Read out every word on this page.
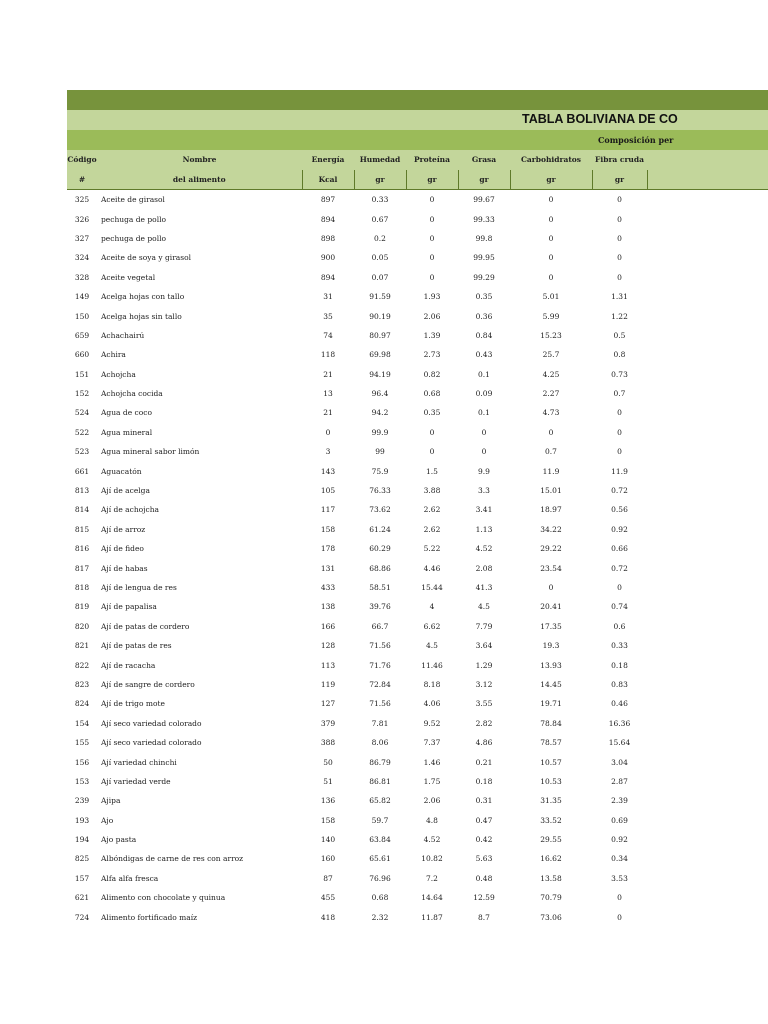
TABLA BOLIVIANA DE CO
Composición per
Código	Nombre	Energía	Humedad	Proteína	Grasa	Carbohidratos	Fibra cruda	
#	del alimento	Kcal	gr	gr	gr	gr	gr	
325	Aceite de girasol	897	0.33	0	99.67	0	0	
326	pechuga de pollo	894	0.67	0	99.33	0	0	
327	pechuga de pollo	898	0.2	0	99.8	0	0	
324	Aceite de soya y girasol	900	0.05	0	99.95	0	0	
328	Aceite vegetal	894	0.07	0	99.29	0	0	
149	Acelga hojas con tallo	31	91.59	1.93	0.35	5.01	1.31	
150	Acelga hojas sin tallo	35	90.19	2.06	0.36	5.99	1.22	
659	Achachairú	74	80.97	1.39	0.84	15.23	0.5	
660	Achira	118	69.98	2.73	0.43	25.7	0.8	
151	Achojcha	21	94.19	0.82	0.1	4.25	0.73	
152	Achojcha cocida	13	96.4	0.68	0.09	2.27	0.7	
524	Agua de coco	21	94.2	0.35	0.1	4.73	0	
522	Agua mineral	0	99.9	0	0	0	0	
523	Agua mineral sabor limón	3	99	0	0	0.7	0	
661	Aguacatón	143	75.9	1.5	9.9	11.9	11.9	
813	Ají de acelga	105	76.33	3.88	3.3	15.01	0.72	
814	Ají de achojcha	117	73.62	2.62	3.41	18.97	0.56	
815	Ají de arroz	158	61.24	2.62	1.13	34.22	0.92	
816	Ají de fideo	178	60.29	5.22	4.52	29.22	0.66	
817	Ají de habas	131	68.86	4.46	2.08	23.54	0.72	
818	Ají de lengua de res	433	58.51	15.44	41.3	0	0	
819	Ají de papalisa	138	39.76	4	4.5	20.41	0.74	
820	Ají de patas de cordero	166	66.7	6.62	7.79	17.35	0.6	
821	Ají de patas de res	128	71.56	4.5	3.64	19.3	0.33	
822	Ají de racacha	113	71.76	11.46	1.29	13.93	0.18	
823	Ají de sangre de cordero	119	72.84	8.18	3.12	14.45	0.83	
824	Ají de trigo mote	127	71.56	4.06	3.55	19.71	0.46	
154	Ají seco variedad colorado	379	7.81	9.52	2.82	78.84	16.36	
155	Ají seco variedad colorado	388	8.06	7.37	4.86	78.57	15.64	
156	Ají variedad chinchi	50	86.79	1.46	0.21	10.57	3.04	
153	Ají variedad verde	51	86.81	1.75	0.18	10.53	2.87	
239	Ajipa	136	65.82	2.06	0.31	31.35	2.39	
193	Ajo	158	59.7	4.8	0.47	33.52	0.69	
194	Ajo pasta	140	63.84	4.52	0.42	29.55	0.92	
825	Albóndigas de carne de res con arroz	160	65.61	10.82	5.63	16.62	0.34	
157	Alfa alfa fresca	87	76.96	7.2	0.48	13.58	3.53	
621	Alimento con chocolate y quinua	455	0.68	14.64	12.59	70.79	0	
724	Alimento fortificado maíz	418	2.32	11.87	8.7	73.06	0	
